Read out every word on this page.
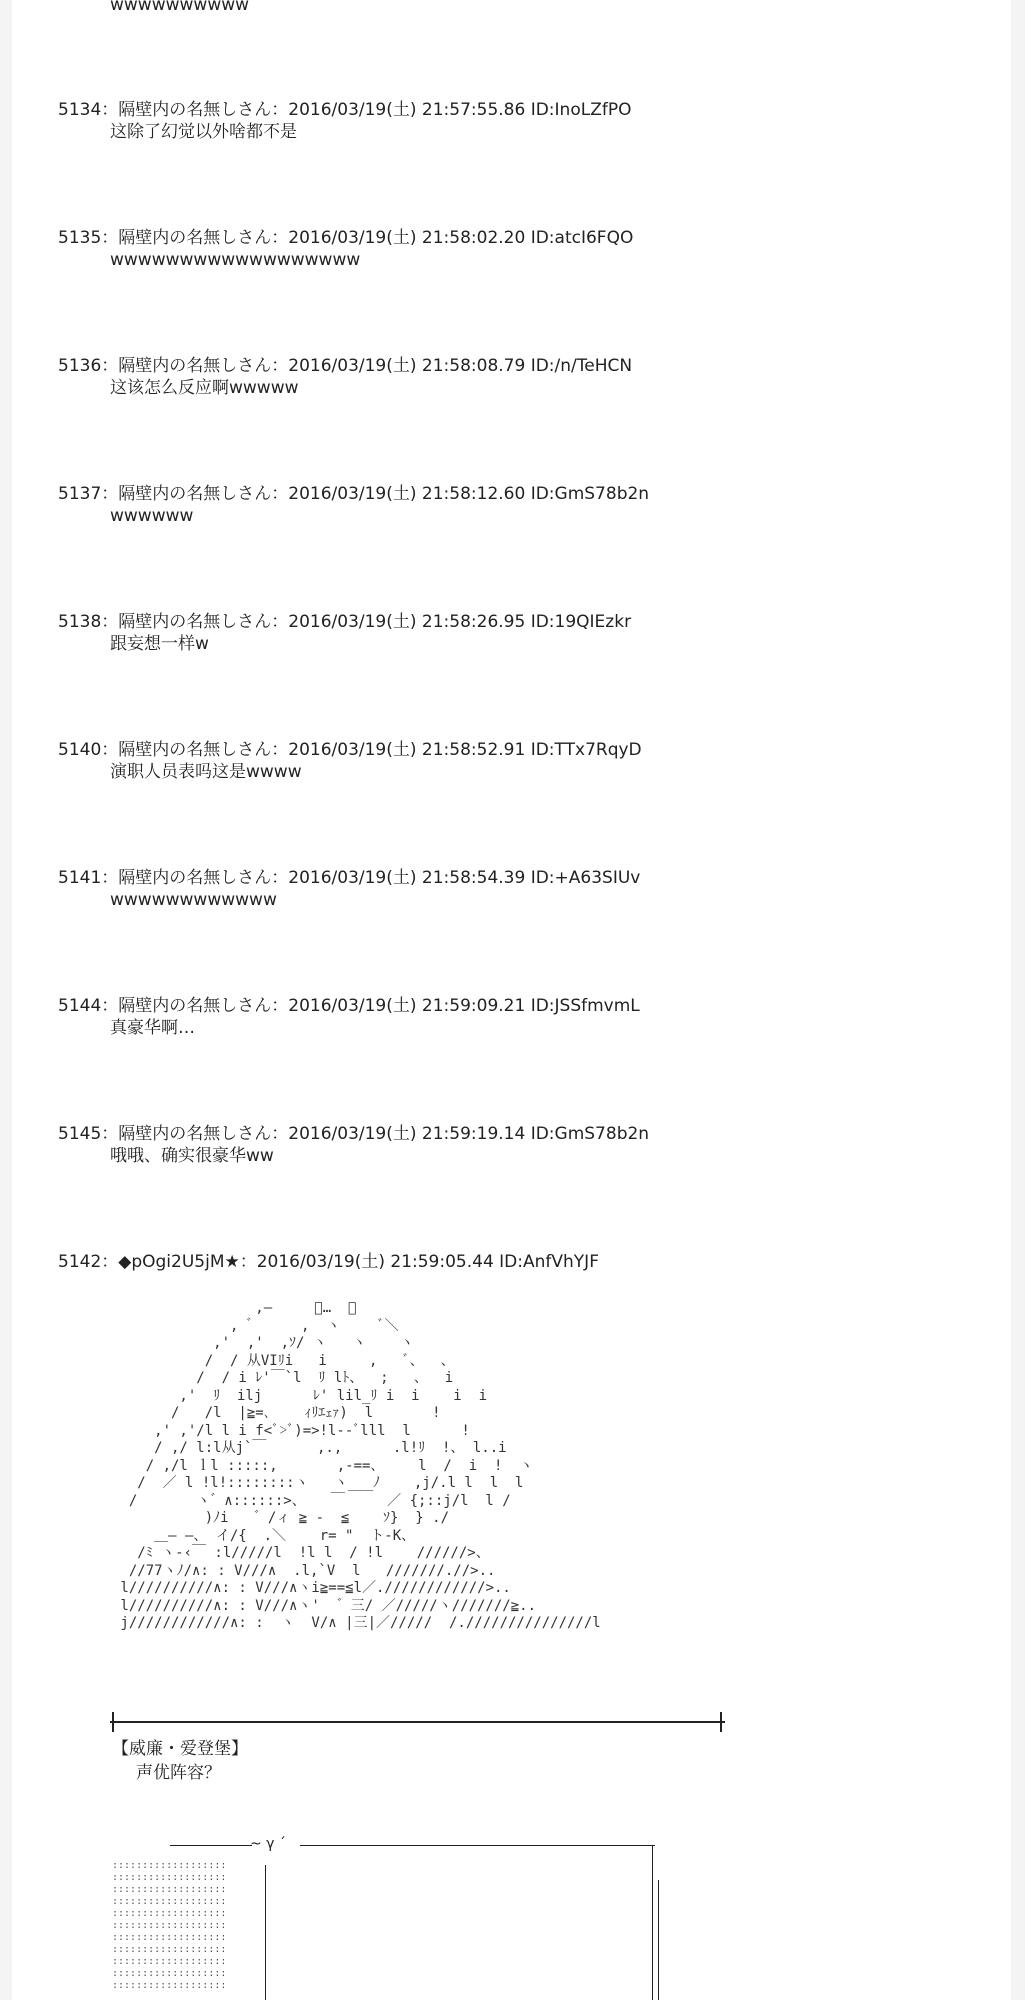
wwwwwwwwww
5134：隔壁内の名無しさん：2016/03/19(土) 21:57:55.86 ID:InoLZfPO
这除了幻觉以外啥都不是
5135：隔壁内の名無しさん：2016/03/19(土) 21:58:02.20 ID:atcI6FQO
wwwwwwwwwwwwwwwwww
5136：隔壁内の名無しさん：2016/03/19(土) 21:58:08.79 ID:/n/TeHCN
这该怎么反应啊wwwww
5137：隔壁内の名無しさん：2016/03/19(土) 21:58:12.60 ID:GmS78b2n
wwwwww
5138：隔壁内の名無しさん：2016/03/19(土) 21:58:26.95 ID:19QIEzkr
跟妄想一样w
5140：隔壁内の名無しさん：2016/03/19(土) 21:58:52.91 ID:TTx7RqyD
演职人员表吗这是wwww
5141：隔壁内の名無しさん：2016/03/19(土) 21:58:54.39 ID:+A63SIUv
wwwwwwwwwwww
5144：隔壁内の名無しさん：2016/03/19(土) 21:59:09.21 ID:JSSfmvmL
真豪华啊…
5145：隔壁内の名無しさん：2016/03/19(土) 21:59:19.14 ID:GmS78b2n
哦哦、确实很豪华ww
5142：◆pOgi2U5jM★：2016/03/19(土) 21:59:05.44 ID:AnfVhYJF
,―     ﾞ…  ￣
,  ゙      ,  ヽ     ﾞ＼
,'  ,'  ,ｿ/ ヽ   ヽ    ヽ
/  / 从VIﾘi   i     ,   ﾞ、  、
/  / i ﾚ'￣`l  ﾘ lﾄ、  ;   、  i
,'  ﾘ  ilj      ﾚ' lil_ﾘ i  i    i  i
/   /l  |≧=､    ｨﾘｴｪｧ)  l       !
,' ,'/l l i f<ﾞ>ﾞ)=>!l--ﾞlll  l      !
/ ,/ l:l从j`￣      ,.,      .l!ﾘ  !、 l..i
/ ,/l ｌl :::::,       ,-==、    l  /  i  !  ヽ
/  ／ l !l!::::::::ヽ   ヽ___ﾉ    ,j/.l l  l  l
/       ヽ゛∧::::::>、   ￣     ／ {;::j/l  l /
)ﾉi   ゛/ィ ≧ -  ≦    ｿ}  } ./
＿― ―、 イ/{  .＼    r= "  ト-K、
/ﾐ ヽ-‹￣ :l/////l  !l l  / !l    //////>、
//77ヽﾉ/∧: : V///∧  .l,`V  l   ///////.//>..
l//////////∧: : V///∧ヽi≧==≦l／.////////////>..
l//////////∧: : V///∧ヽ'  ゛三/ ／/////ヽ///////≧..
j////////////∧: :  ヽ  V/∧ |三|／/////  /.///////////////l
【威廉・爱登堡】
声优阵容？
~ γ ´
:::::::::::::::::::
:::::::::::::::::::
:::::::::::::::::::
:::::::::::::::::::
:::::::::::::::::::
:::::::::::::::::::
:::::::::::::::::::
:::::::::::::::::::
:::::::::::::::::::
:::::::::::::::::::
:::::::::::::::::::
